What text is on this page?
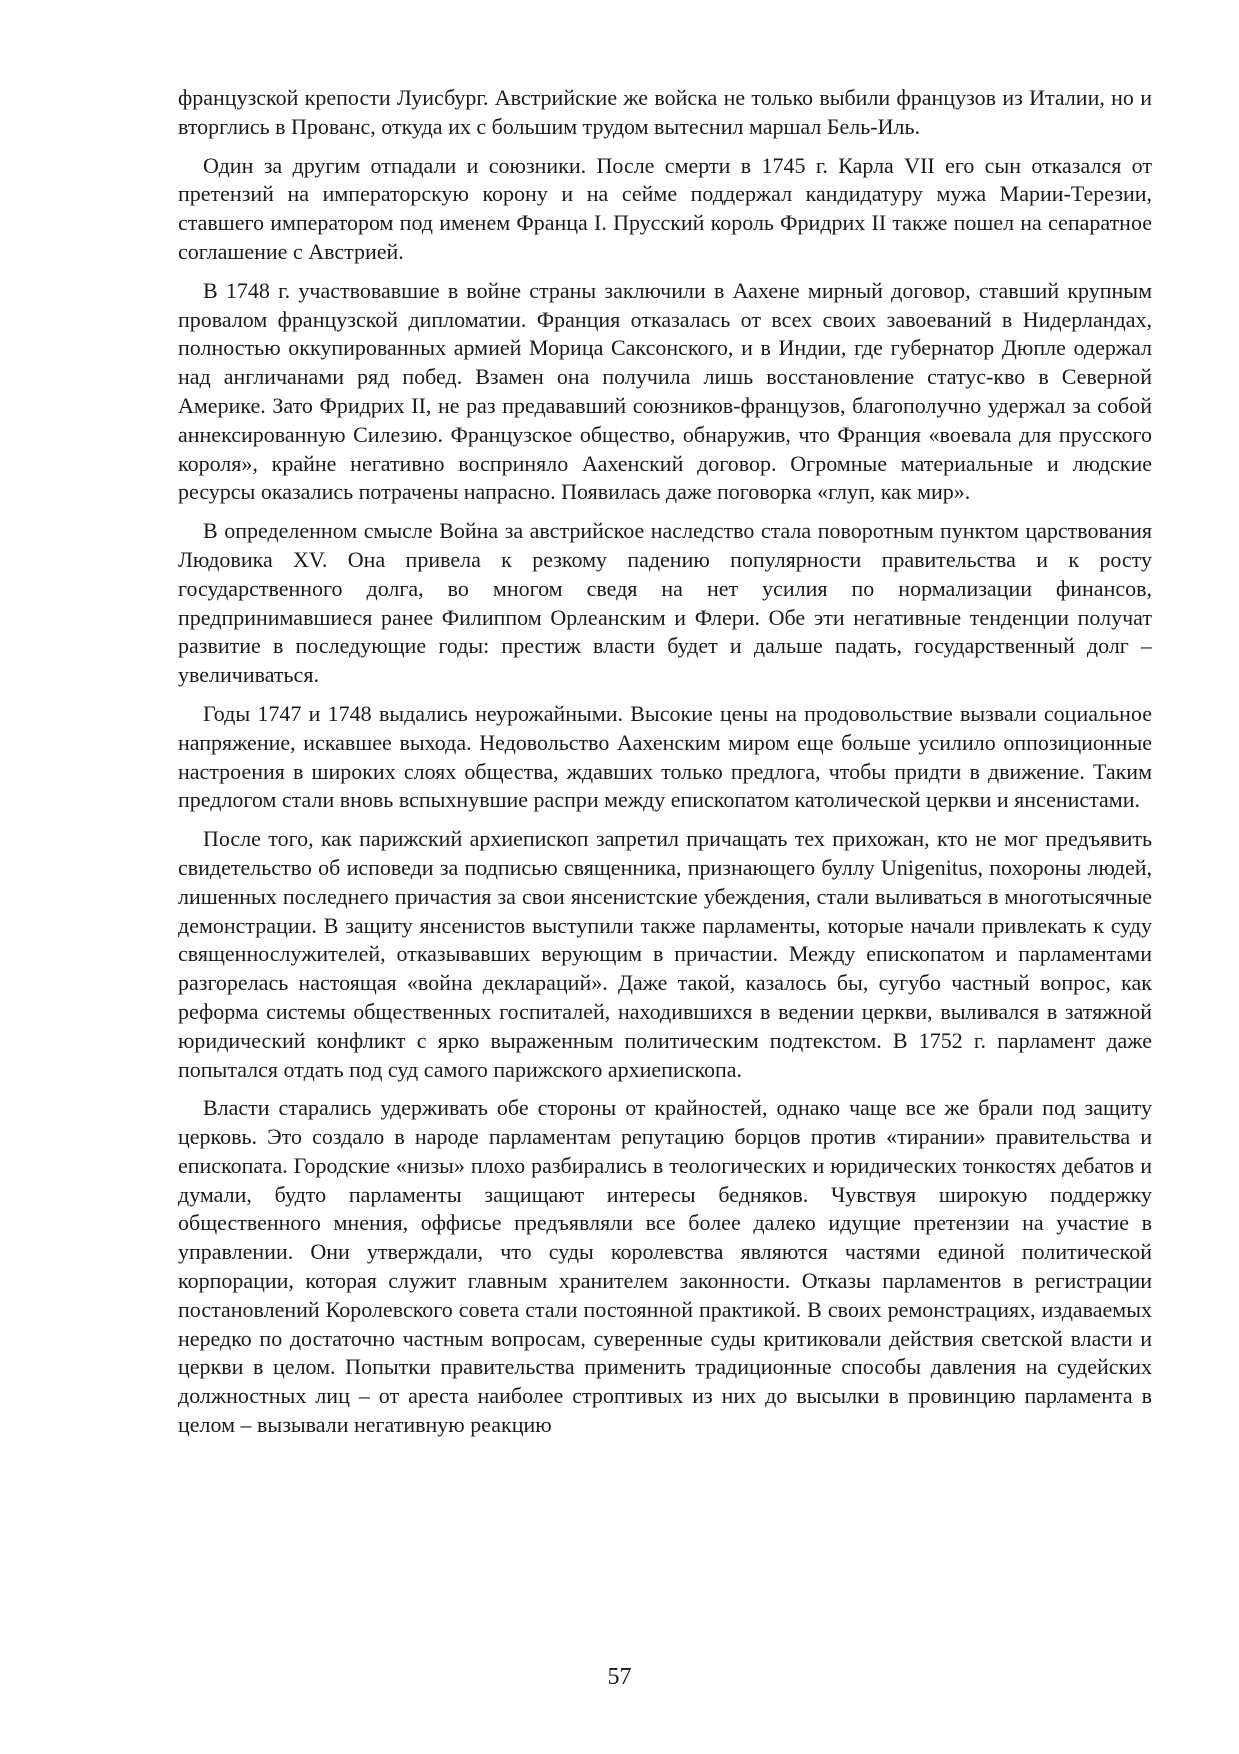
французской крепости Луисбург. Австрийские же войска не только выбили французов из Италии, но и вторглись в Прованс, откуда их с большим трудом вытеснил маршал Бель-Иль.

Один за другим отпадали и союзники. После смерти в 1745 г. Карла VII его сын отказался от претензий на императорскую корону и на сейме поддержал кандидатуру мужа Марии-Терезии, ставшего императором под именем Франца I. Прусский король Фридрих II также пошел на сепаратное соглашение с Австрией.

В 1748 г. участвовавшие в войне страны заключили в Аахене мирный договор, ставший крупным провалом французской дипломатии. Франция отказалась от всех своих завоеваний в Нидерландах, полностью оккупированных армией Морица Саксонского, и в Индии, где губернатор Дюпле одержал над англичанами ряд побед. Взамен она получила лишь восстановление статус-кво в Северной Америке. Зато Фридрих II, не раз предававший союзников-французов, благополучно удержал за собой аннексированную Силезию. Французское общество, обнаружив, что Франция «воевала для прусского короля», крайне негативно восприняло Аахенский договор. Огромные материальные и людские ресурсы оказались потрачены напрасно. Появилась даже поговорка «глуп, как мир».

В определенном смысле Война за австрийское наследство стала поворотным пунктом царствования Людовика XV. Она привела к резкому падению популярности правительства и к росту государственного долга, во многом сведя на нет усилия по нормализации финансов, предпринимавшиеся ранее Филиппом Орлеанским и Флери. Обе эти негативные тенденции получат развитие в последующие годы: престиж власти будет и дальше падать, государственный долг – увеличиваться.

Годы 1747 и 1748 выдались неурожайными. Высокие цены на продовольствие вызвали социальное напряжение, искавшее выхода. Недовольство Аахенским миром еще больше усилило оппозиционные настроения в широких слоях общества, ждавших только предлога, чтобы придти в движение. Таким предлогом стали вновь вспыхнувшие распри между епископатом католической церкви и янсенистами.

После того, как парижский архиепископ запретил причащать тех прихожан, кто не мог предъявить свидетельство об исповеди за подписью священника, признающего буллу Unigenitus, похороны людей, лишенных последнего причастия за свои янсенистские убеждения, стали выливаться в многотысячные демонстрации. В защиту янсенистов выступили также парламенты, которые начали привлекать к суду священнослужителей, отказывавших верующим в причастии. Между епископатом и парламентами разгорелась настоящая «война деклараций». Даже такой, казалось бы, сугубо частный вопрос, как реформа системы общественных госпиталей, находившихся в ведении церкви, выливался в затяжной юридический конфликт с ярко выраженным политическим подтекстом. В 1752 г. парламент даже попытался отдать под суд самого парижского архиепископа.

Власти старались удерживать обе стороны от крайностей, однако чаще все же брали под защиту церковь. Это создало в народе парламентам репутацию борцов против «тирании» правительства и епископата. Городские «низы» плохо разбирались в теологических и юридических тонкостях дебатов и думали, будто парламенты защищают интересы бедняков. Чувствуя широкую поддержку общественного мнения, оффисье предъявляли все более далеко идущие претензии на участие в управлении. Они утверждали, что суды королевства являются частями единой политической корпорации, которая служит главным хранителем законности. Отказы парламентов в регистрации постановлений Королевского совета стали постоянной практикой. В своих ремонстрациях, издаваемых нередко по достаточно частным вопросам, суверенные суды критиковали действия светской власти и церкви в целом. Попытки правительства применить традиционные способы давления на судейских должностных лиц – от ареста наиболее строптивых из них до высылки в провинцию парламента в целом – вызывали негативную реакцию

57
